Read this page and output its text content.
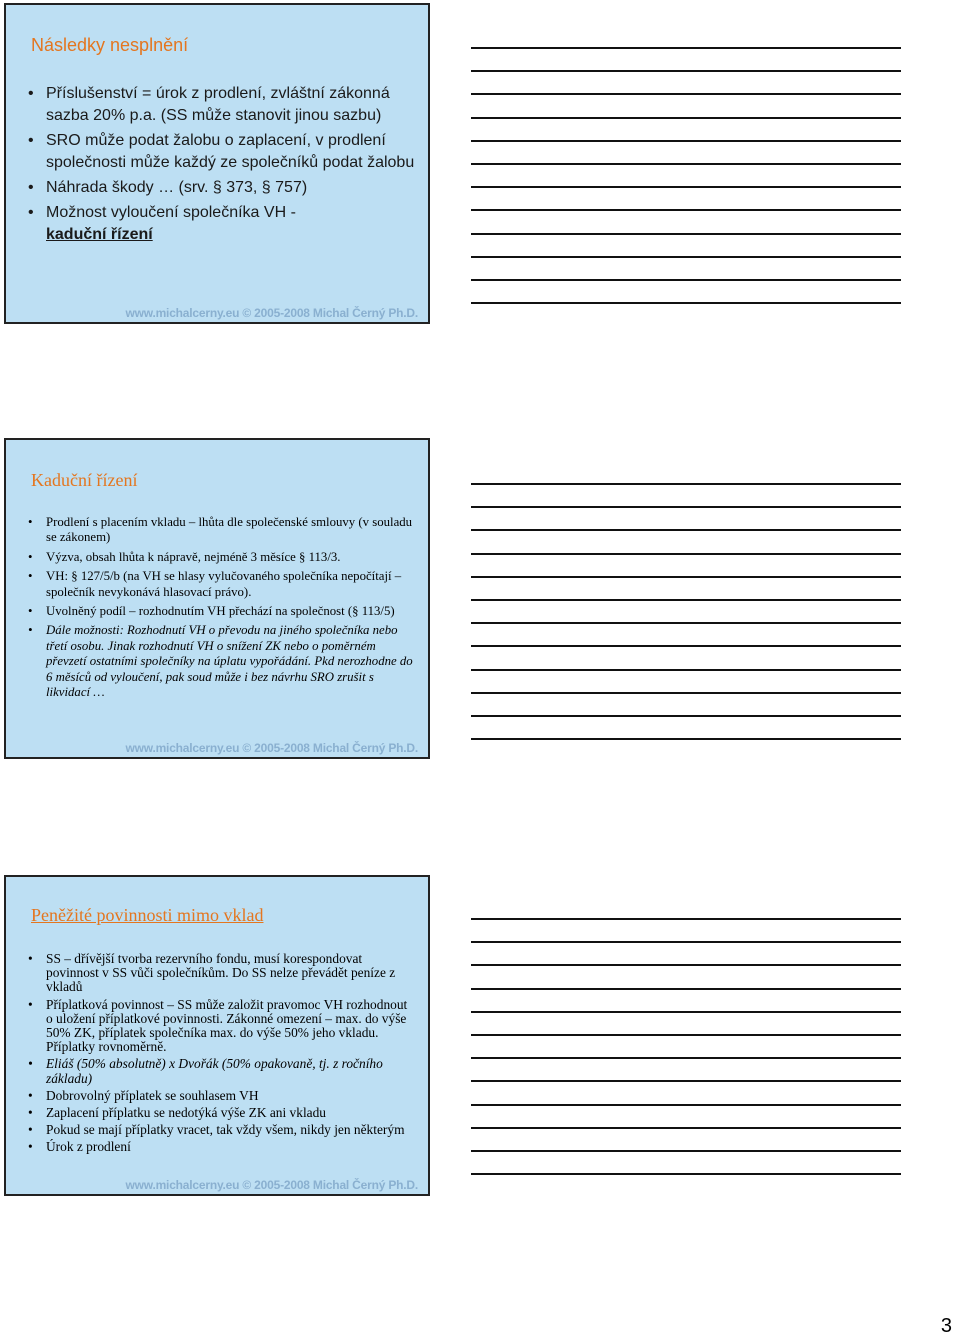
Následky nesplnění
• Příslušenství = úrok z prodlení, zvláštní zákonná sazba 20% p.a. (SS může stanovit jinou sazbu)
• SRO může podat žalobu o zaplacení, v prodlení společnosti může každý ze společníků podat žalobu
• Náhrada škody … (srv. § 373, § 757)
• Možnost vyloučení společníka VH -
kaduční řízení
www.michalcerny.eu © 2005-2008 Michal Černý Ph.D.
Kaduční řízení
• Prodlení s placením vkladu – lhůta dle společenské smlouvy (v souladu se zákonem)
• Výzva, obsah lhůta k nápravě, nejméně 3 měsíce § 113/3.
• VH: § 127/5/b (na VH se hlasy vylučovaného společníka nepočítají – společník nevykonává hlasovací právo).
• Uvolněný podíl – rozhodnutím VH přechází na společnost (§ 113/5)
• Dále možnosti: Rozhodnutí VH o převodu na jiného společníka nebo třetí osobu. Jinak rozhodnutí VH o snížení ZK nebo o poměrném převzetí ostatními společníky na úplatu vypořádání. Pkd nerozhodne do 6 měsíců od vyloučení, pak soud může i bez návrhu SRO zrušit s likvidací …
www.michalcerny.eu © 2005-2008 Michal Černý Ph.D.
Peněžité povinnosti mimo vklad
• SS – dřívější tvorba rezervního fondu, musí korespondovat povinnost v SS vůči společníkům. Do SS nelze převádět peníze z vkladů
• Příplatková povinnost – SS může založit pravomoc VH rozhodnout o uložení příplatkové povinnosti. Zákonné omezení – max. do výše 50% ZK, příplatek společníka max. do výše 50% jeho vkladu. Příplatky rovnoměrně.
• Eliáš (50% absolutně) x Dvořák (50% opakovaně, tj. z ročního základu)
• Dobrovolný příplatek se souhlasem VH
• Zaplacení příplatku se nedotýká výše ZK ani vkladu
• Pokud se mají příplatky vracet, tak vždy všem, nikdy jen některým
• Úrok z prodlení
www.michalcerny.eu © 2005-2008 Michal Černý Ph.D.
3
